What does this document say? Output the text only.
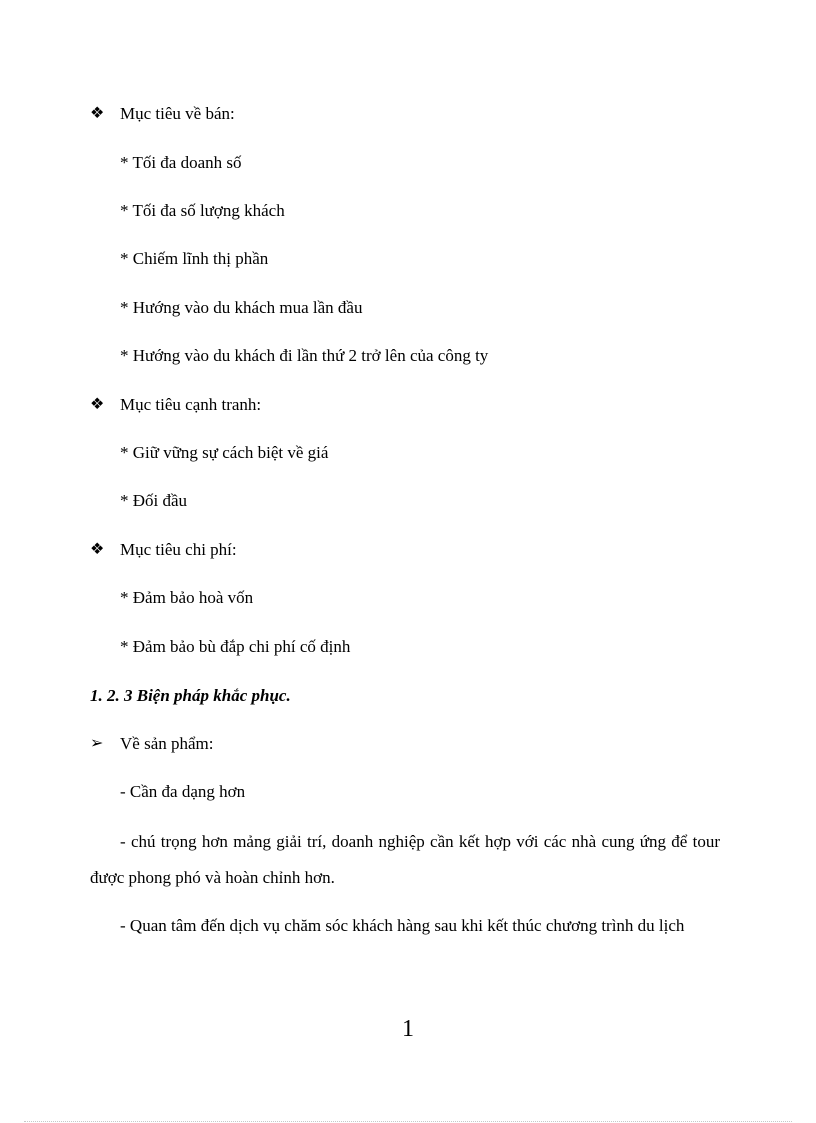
❖ Mục tiêu về bán:
* Tối đa doanh số
* Tối đa số lượng khách
* Chiếm lĩnh thị phần
* Hướng vào du khách mua lần đầu
* Hướng vào du khách đi lần thứ 2 trở lên của công ty
❖ Mục tiêu cạnh tranh:
* Giữ vững sự cách biệt về giá
* Đối đầu
❖ Mục tiêu chi phí:
* Đảm bảo hoà vốn
* Đảm bảo bù đắp chi phí cố định
1. 2. 3 Biện pháp khắc phục.
➢ Về sản phẩm:
- Cần đa dạng hơn
- chú trọng hơn mảng giải trí, doanh nghiệp cần kết hợp với các nhà cung ứng để tour được phong phó và hoàn chỉnh hơn.
- Quan tâm đến dịch vụ chăm sóc khách hàng sau khi kết thúc chương trình du lịch
1
